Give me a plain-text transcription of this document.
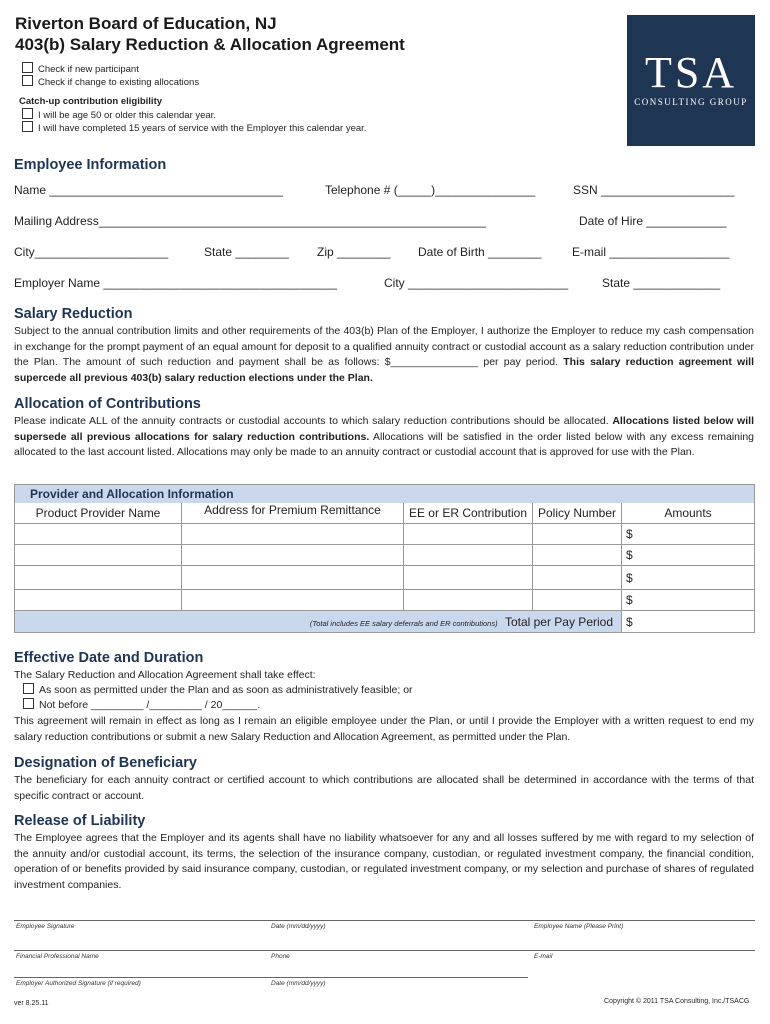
Riverton Board of Education, NJ
403(b) Salary Reduction & Allocation Agreement
Check if new participant
Check if change to existing allocations
Catch-up contribution eligibility
I will be age 50 or older this calendar year.
I will have completed 15 years of service with the Employer this calendar year.
TSA
CONSULTING GROUP
Employee Information
Name ___________________________________	Telephone # (_____)_______________	SSN ____________________
Mailing Address__________________________________________________________	Date of Hire ____________
City____________________	State ________ Zip ________ Date of Birth ________	E-mail __________________
Employer Name ___________________________________	City ________________________	State _____________
Salary Reduction
Subject to the annual contribution limits and other requirements of the 403(b) Plan of the Employer, I authorize the Employer to reduce my cash compensation in exchange for the prompt payment of an equal amount for deposit to a qualified annuity contract or custodial account as a salary reduction contribution under the Plan. The amount of such reduction and payment shall be as follows: $_______________ per pay period. This salary reduction agreement will supercede all previous 403(b) salary reduction elections under the Plan.
Allocation of Contributions
Please indicate ALL of the annuity contracts or custodial accounts to which salary reduction contributions should be allocated. Allocations listed below will supersede all previous allocations for salary reduction contributions. Allocations will be satisfied in the order listed below with any excess remaining allocated to the last account listed. Allocations may only be made to an annuity contract or custodial account that is approved for use with the Plan.
Provider and Allocation Information
Product Provider Name	Address for Premium Remittance	EE or ER Contribution	Policy Number	Amounts
				$
				$
				$
				$
(Total includes EE salary deferrals and ER contributions) Total per Pay Period				$
Effective Date and Duration
The Salary Reduction and Allocation Agreement shall take effect:
As soon as permitted under the Plan and as soon as administratively feasible; or
Not before _________ /_________ / 20______.
This agreement will remain in effect as long as I remain an eligible employee under the Plan, or until I provide the Employer with a written request to end my salary reduction contributions or submit a new Salary Reduction and Allocation Agreement, as permitted under the Plan.
Designation of Beneficiary
The beneficiary for each annuity contract or certified account to which contributions are allocated shall be determined in accordance with the terms of that specific contract or account.
Release of Liability
The Employee agrees that the Employer and its agents shall have no liability whatsoever for any and all losses suffered by me with regard to my selection of the annuity and/or custodial account, its terms, the selection of the insurance company, custodian, or regulated investment company, the financial condition, operation of or benefits provided by said insurance company, custodian, or regulated investment company, or my selection and purchase of shares of regulated investment companies.
Employee Signature	Date (mm/dd/yyyy)	Employee Name (Please Print)
Financial Professional Name	Phone	E-mail
Employer Authorized Signature (if required)	Date (mm/dd/yyyy)
ver 8.25.11	Copyright © 2011 TSA Consulting, Inc./TSACG
